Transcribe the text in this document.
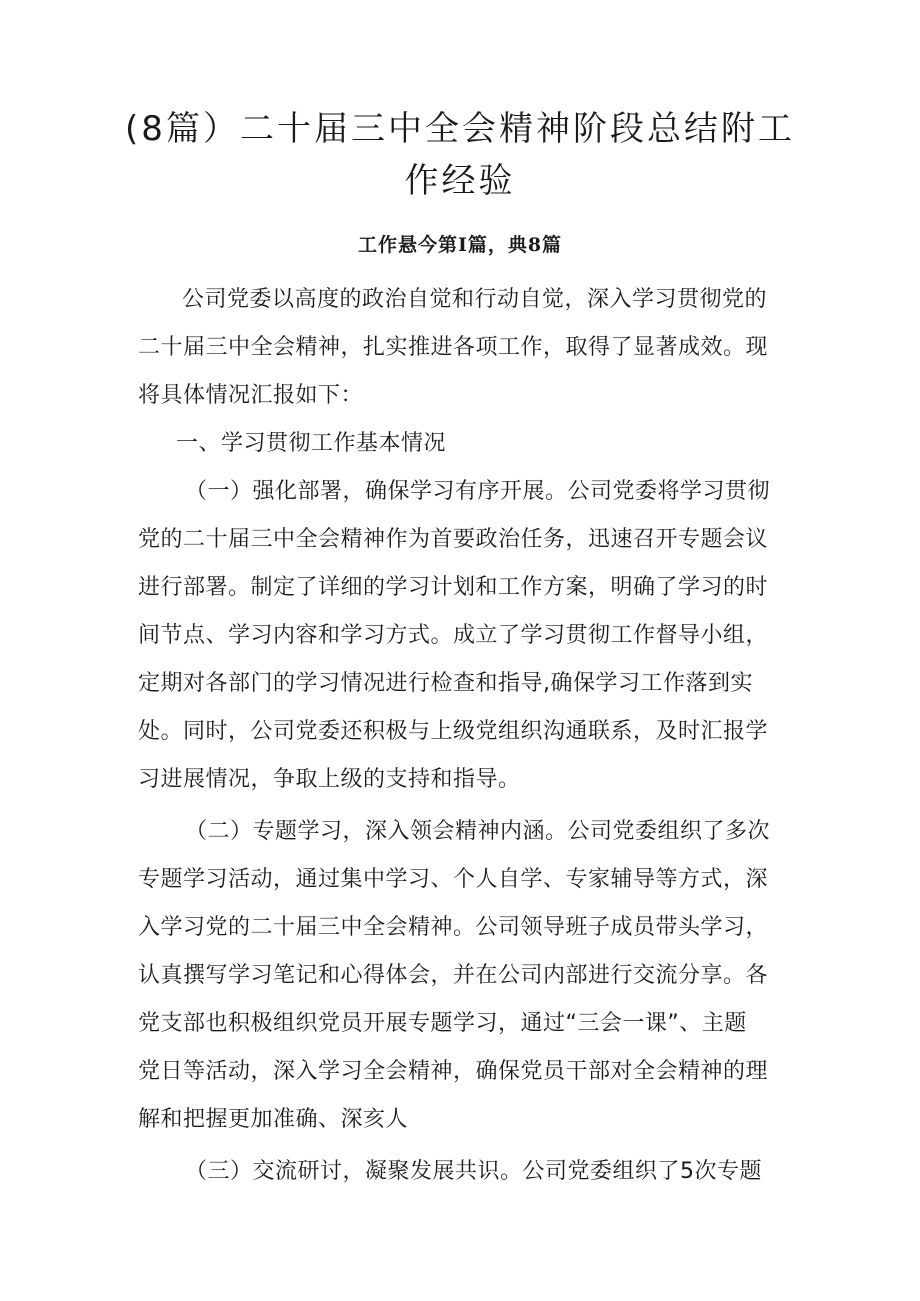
(8篇）二十届三中全会精神阶段总结附工
作经验

工作悬今第Ⅰ篇，典8篇

公司党委以高度的政治自觉和行动自觉，深入学习贯彻党的

二十届三中全会精神，扎实推进各项工作，取得了显著成效。现

将具体情况汇报如下：

一、学习贯彻工作基本情况

（一）强化部署，确保学习有序开展。公司党委将学习贯彻

党的二十届三中全会精神作为首要政治任务，迅速召开专题会议

进行部署。制定了详细的学习计划和工作方案，明确了学习的时

间节点、学习内容和学习方式。成立了学习贯彻工作督导小组，

定期对各部门的学习情况进行检查和指导,确保学习工作落到实

处。同时，公司党委还积极与上级党组织沟通联系，及时汇报学

习进展情况，争取上级的支持和指导。

（二）专题学习，深入领会精神内涵。公司党委组织了多次

专题学习活动，通过集中学习、个人自学、专家辅导等方式，深

入学习党的二十届三中全会精神。公司领导班子成员带头学习，

认真撰写学习笔记和心得体会，并在公司内部进行交流分享。各

党支部也积极组织党员开展专题学习，通过“三会一课”、主题

党日等活动，深入学习全会精神，确保党员干部对全会精神的理

解和把握更加准确、深亥人

（三）交流研讨，凝聚发展共识。公司党委组织了5次专题
